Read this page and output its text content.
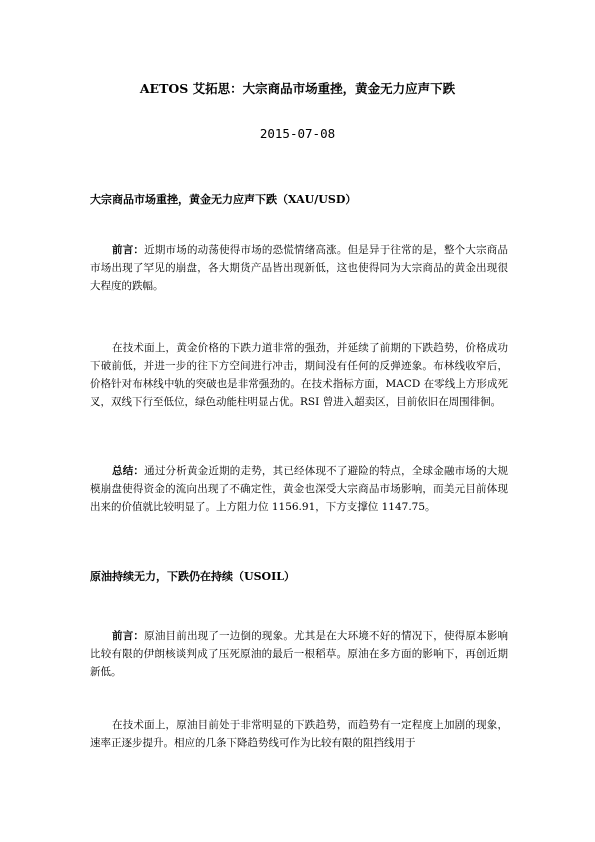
AETOS 艾拓思：大宗商品市场重挫，黄金无力应声下跌
2015-07-08
大宗商品市场重挫，黄金无力应声下跌（XAU/USD）

前言：近期市场的动荡使得市场的恐慌情绪高涨。但是异于往常的是，整个大宗商品市场出现了罕见的崩盘，各大期货产品皆出现新低，这也使得同为大宗商品的黄金出现很大程度的跌幅。

在技术面上，黄金价格的下跌力道非常的强劲，并延续了前期的下跌趋势，价格成功下破前低，并进一步的往下方空间进行冲击，期间没有任何的反弹迹象。布林线收窄后，价格针对布林线中轨的突破也是非常强劲的。在技术指标方面，MACD 在零线上方形成死叉，双线下行至低位，绿色动能柱明显占优。RSI 曾进入超卖区，目前依旧在周围徘徊。

总结：通过分析黄金近期的走势，其已经体现不了避险的特点，全球金融市场的大规模崩盘使得资金的流向出现了不确定性，黄金也深受大宗商品市场影响，而美元目前体现出来的价值就比较明显了。上方阻力位 1156.91，下方支撑位 1147.75。

原油持续无力，下跌仍在持续（USOIL）

前言：原油目前出现了一边倒的现象。尤其是在大环境不好的情况下，使得原本影响比较有限的伊朗核谈判成了压死原油的最后一根稻草。原油在多方面的影响下，再创近期新低。

在技术面上，原油目前处于非常明显的下跌趋势，而趋势有一定程度上加剧的现象，速率正逐步提升。相应的几条下降趋势线可作为比较有限的阻挡线用于
